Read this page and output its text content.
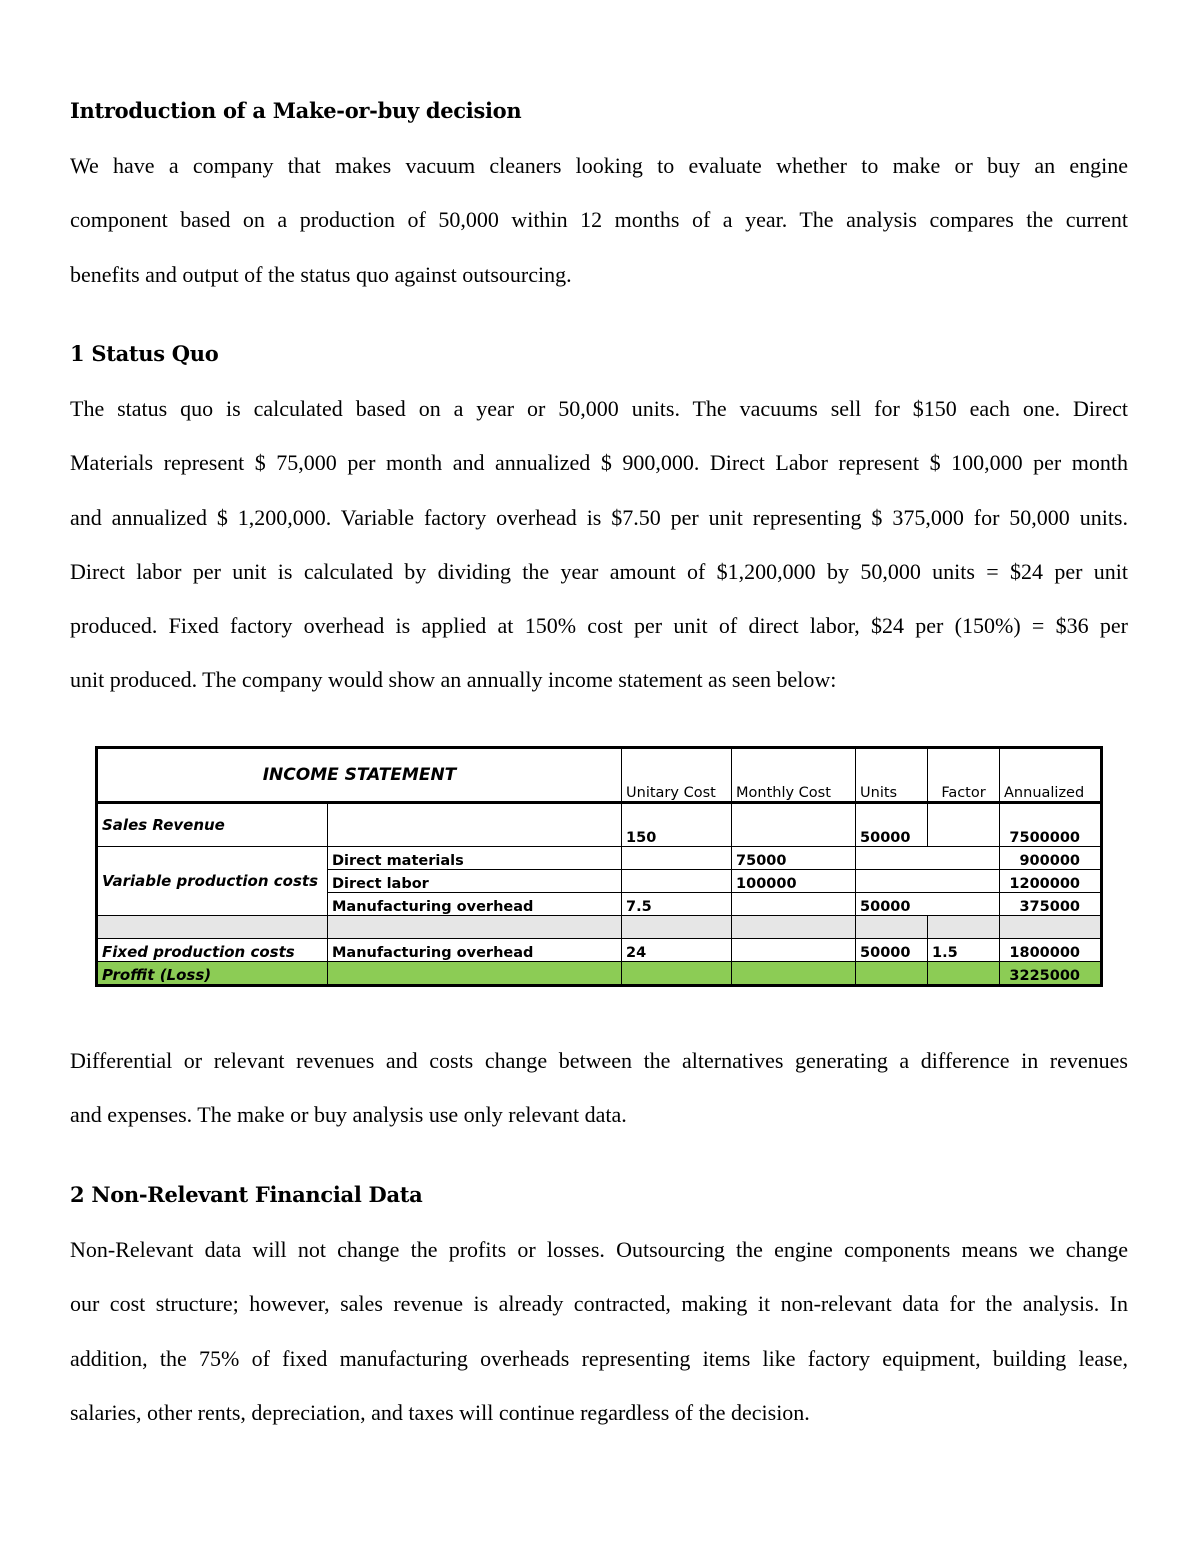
Introduction of a Make-or-buy decision
We have a company that makes vacuum cleaners looking to evaluate whether to make or buy an engine
component based on a production of 50,000 within 12 months of a year. The analysis compares the current
benefits and output of the status quo against outsourcing.
1 Status Quo
The status quo is calculated based on a year or 50,000 units. The vacuums sell for $150 each one. Direct
Materials represent $ 75,000 per month and annualized $ 900,000. Direct Labor represent $ 100,000 per month
and annualized $ 1,200,000. Variable factory overhead is $7.50 per unit representing $ 375,000 for 50,000 units.
Direct labor per unit is calculated by dividing the year amount of $1,200,000 by 50,000 units = $24 per unit
produced. Fixed factory overhead is applied at 150% cost per unit of direct labor, $24 per (150%) = $36 per
unit produced. The company would show an annually income statement as seen below:
Differential or relevant revenues and costs change between the alternatives generating a difference in revenues
and expenses. The make or buy analysis use only relevant data.
2 Non-Relevant Financial Data
Non-Relevant data will not change the profits or losses. Outsourcing the engine components means we change
our cost structure; however, sales revenue is already contracted, making it non-relevant data for the analysis. In
addition, the 75% of fixed manufacturing overheads representing items like factory equipment, building lease,
salaries, other rents, depreciation, and taxes will continue regardless of the decision.
INCOME STATEMENT		Unitary Cost	Monthly Cost	Units	Factor	Annualized
Sales Revenue		150		50000		7500000
Variable production costs	Direct materials		75000			900000
	Direct labor		100000			1200000
	Manufacturing overhead	7.5		50000		375000

Fixed production costs	Manufacturing overhead	24		50000	1.5	1800000
Proffit (Loss)						3225000
